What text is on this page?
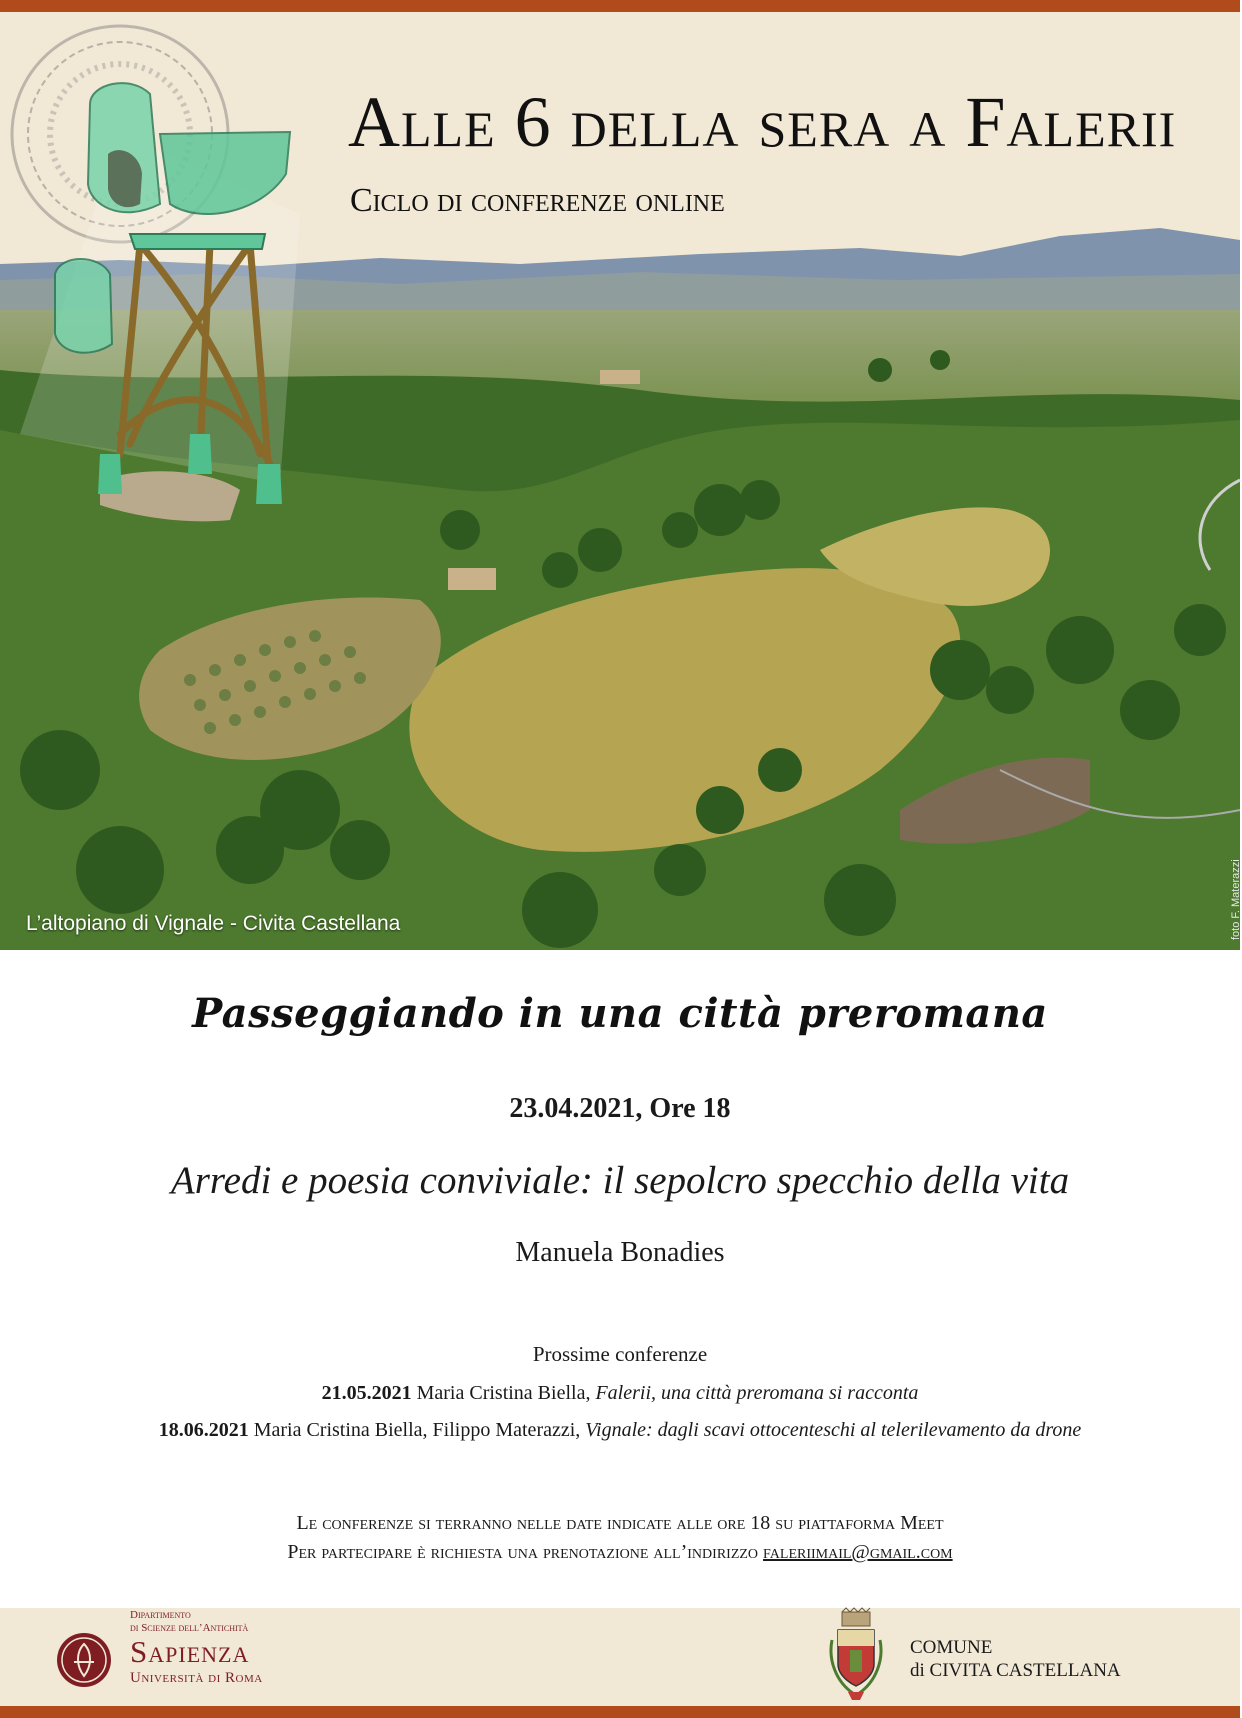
Alle 6 della sera a Falerii
Ciclo di conferenze online
L’altopiano di Vignale - Civita Castellana	foto F. Materazzi
Passeggiando in una città preromana
23.04.2021, Ore 18
Arredi e poesia conviviale: il sepolcro specchio della vita
Manuela Bonadies
Prossime conferenze
21.05.2021 Maria Cristina Biella, Falerii, una città preromana si racconta
18.06.2021 Maria Cristina Biella, Filippo Materazzi, Vignale: dagli scavi ottocenteschi al telerilevamento da drone
Le conferenze si terranno nelle date indicate alle ore 18 su piattaforma Meet
Per partecipare è richiesta una prenotazione all’indirizzo faleriimail@gmail.com
Dipartimento
di Scienze dell’Antichità
Sapienza
Università di Roma
COMUNE
di CIVITA CASTELLANA
